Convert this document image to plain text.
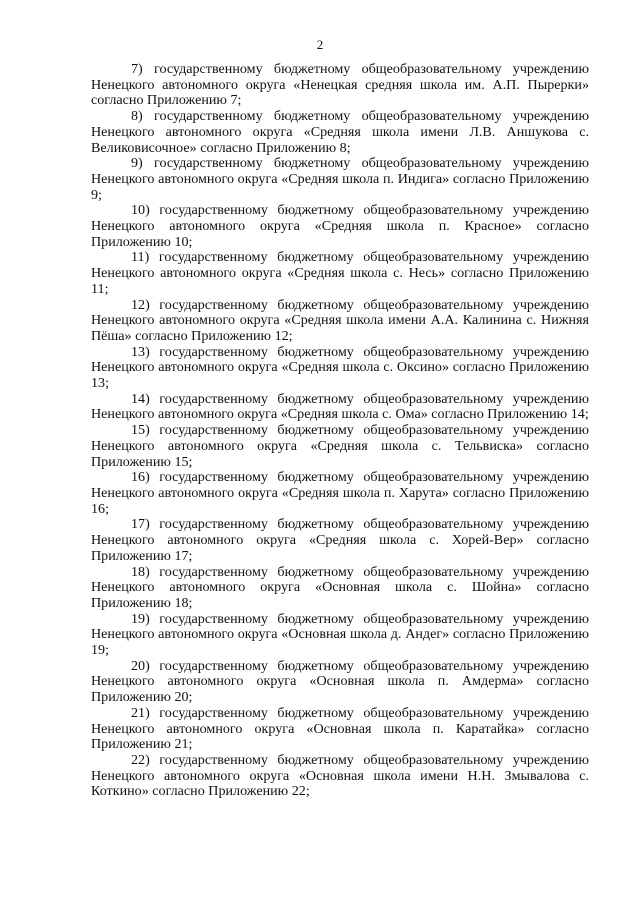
2

7) государственному бюджетному общеобразовательному учреждению Ненецкого автономного округа «Ненецкая средняя школа им. А.П. Пырерки» согласно Приложению 7;

8) государственному бюджетному общеобразовательному учреждению Ненецкого автономного округа «Средняя школа имени Л.В. Аншукова с. Великовисочное» согласно Приложению 8;

9) государственному бюджетному общеобразовательному учреждению Ненецкого автономного округа «Средняя школа п. Индига» согласно Приложению 9;

10) государственному бюджетному общеобразовательному учреждению Ненецкого автономного округа «Средняя школа п. Красное» согласно Приложению 10;

11) государственному бюджетному общеобразовательному учреждению Ненецкого автономного округа «Средняя школа с. Несь» согласно Приложению 11;

12) государственному бюджетному общеобразовательному учреждению Ненецкого автономного округа «Средняя школа имени А.А. Калинина с. Нижняя Пёша» согласно Приложению 12;

13) государственному бюджетному общеобразовательному учреждению Ненецкого автономного округа «Средняя школа с. Оксино» согласно Приложению 13;

14) государственному бюджетному общеобразовательному учреждению Ненецкого автономного округа «Средняя школа с. Ома» согласно Приложению 14;

15) государственному бюджетному общеобразовательному учреждению Ненецкого автономного округа «Средняя школа с. Тельвиска» согласно Приложению 15;

16) государственному бюджетному общеобразовательному учреждению Ненецкого автономного округа «Средняя школа п. Харута» согласно Приложению 16;

17) государственному бюджетному общеобразовательному учреждению Ненецкого автономного округа «Средняя школа с. Хорей-Вер» согласно Приложению 17;

18) государственному бюджетному общеобразовательному учреждению Ненецкого автономного округа «Основная школа с. Шойна» согласно Приложению 18;

19) государственному бюджетному общеобразовательному учреждению Ненецкого автономного округа «Основная школа д. Андег» согласно Приложению 19;

20) государственному бюджетному общеобразовательному учреждению Ненецкого автономного округа «Основная школа п. Амдерма» согласно Приложению 20;

21) государственному бюджетному общеобразовательному учреждению Ненецкого автономного округа «Основная школа п. Каратайка» согласно Приложению 21;

22) государственному бюджетному общеобразовательному учреждению Ненецкого автономного округа «Основная школа имени Н.Н. Змывалова с. Коткино» согласно Приложению 22;
